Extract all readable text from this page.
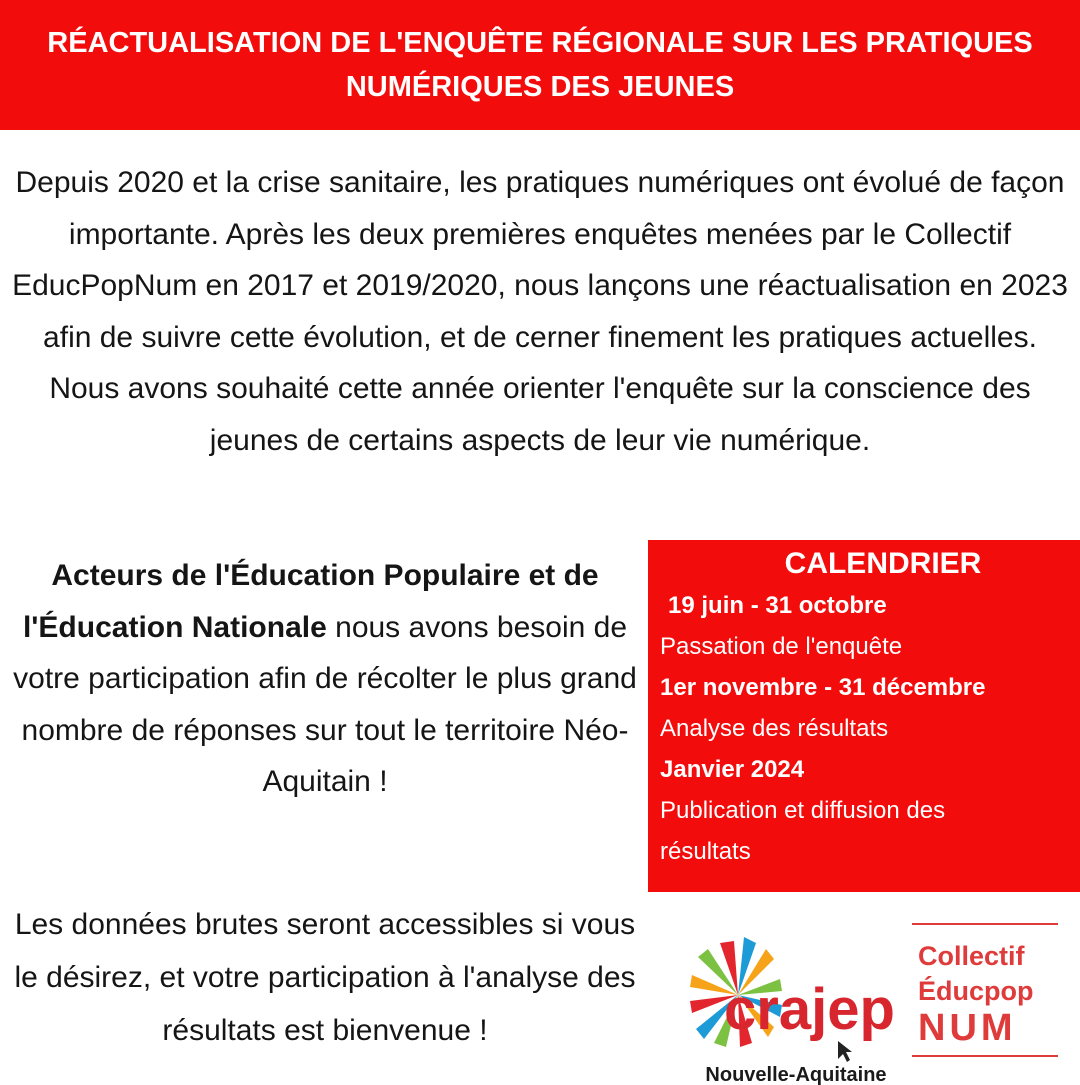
RÉACTUALISATION DE L'ENQUÊTE RÉGIONALE SUR LES PRATIQUES NUMÉRIQUES DES JEUNES

Depuis 2020 et la crise sanitaire, les pratiques numériques ont évolué de façon importante. Après les deux premières enquêtes menées par le Collectif EducPopNum en 2017 et 2019/2020, nous lançons une réactualisation en 2023 afin de suivre cette évolution, et de cerner finement les pratiques actuelles. Nous avons souhaité cette année orienter l'enquête sur la conscience des jeunes de certains aspects de leur vie numérique.

Acteurs de l'Éducation Populaire et de l'Éducation Nationale nous avons besoin de votre participation afin de récolter le plus grand nombre de réponses sur tout le territoire Néo-Aquitain !

Les données brutes seront accessibles si vous le désirez, et votre participation à l'analyse des résultats est bienvenue !

CALENDRIER
19 juin - 31 octobre
Passation de l'enquête
1er novembre - 31 décembre
Analyse des résultats
Janvier 2024
Publication et diffusion des
résultats
crajep
Nouvelle-Aquitaine
Collectif
Éducpop
NUM
